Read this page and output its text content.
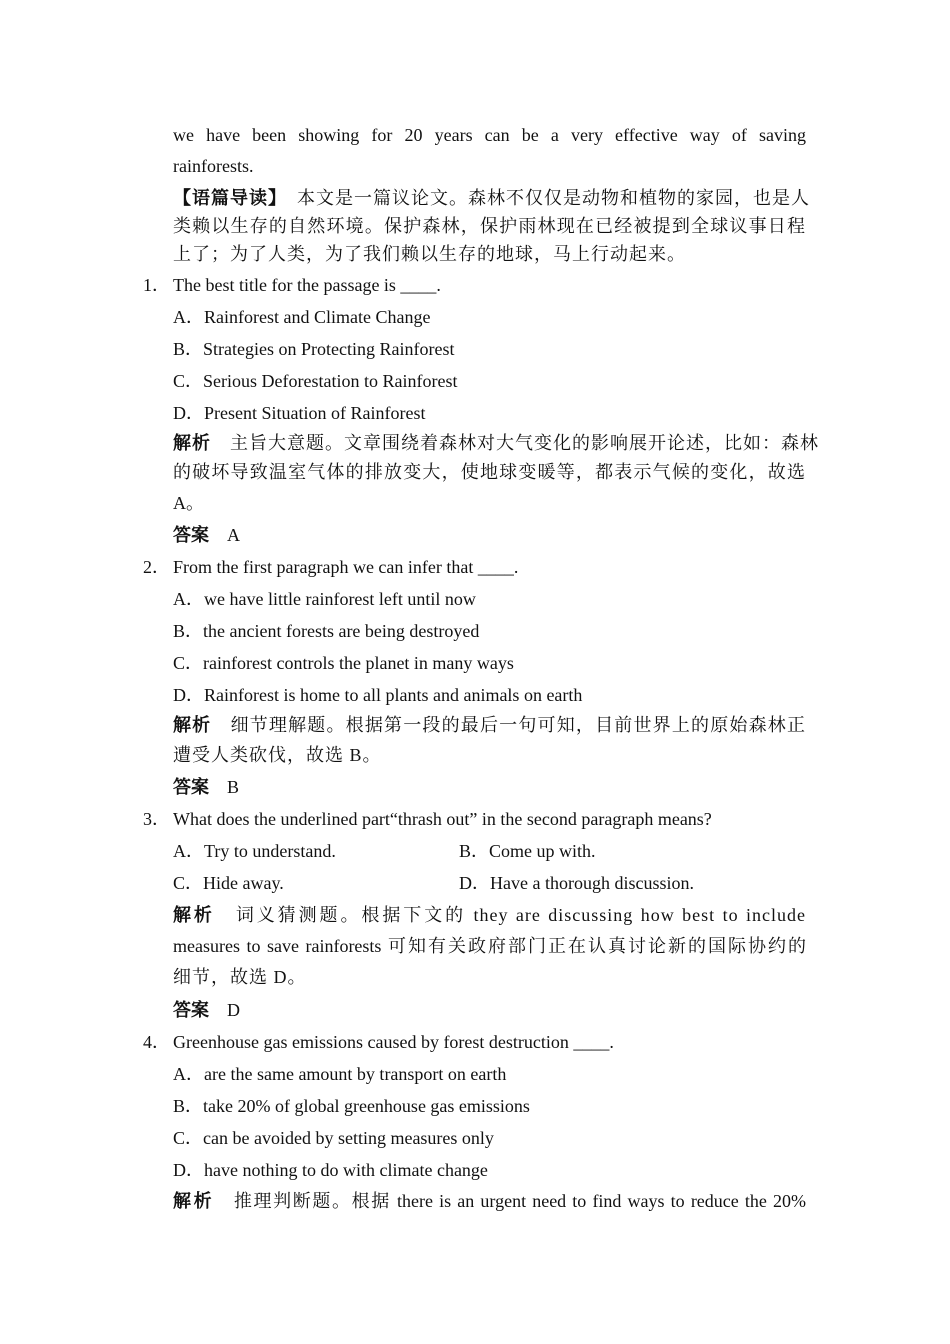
we have been showing for 20 years can be a very effective way of saving
rainforests.
【语篇导读】　 本文是一篇议论文。森林不仅仅是动物和植物的家园，也是人
类赖以生存的自然环境。保护森林，保护雨林现在已经被提到全球议事日程
上了；为了人类，为了我们赖以生存的地球，马上行动起来。
1． The best title for the passage is ____.
A．Rainforest and Climate Change
B．Strategies on Protecting Rainforest
C．Serious Deforestation to Rainforest
D．Present Situation of Rainforest
解析　 主旨大意题。文章围绕着森林对大气变化的影响展开论述，比如：森林
的破坏导致温室气体的排放变大，使地球变暖等，都表示气候的变化，故选
A。
答案　 A
2． From the first paragraph we can infer that ____.
A．we have little rainforest left until now
B．the ancient forests are being destroyed
C．rainforest controls the planet in many ways
D．Rainforest is home to all plants and animals on earth
解析　 细节理解题。根据第一段的最后一句可知，目前世界上的原始森林正
遭受人类砍伐，故选 B。
答案　 B
3． What does the underlined part“thrash out” in the second paragraph means?
A．Try to understand.	B．Come up with.
C．Hide away.	D．Have a thorough discussion.
解析　 词义猜测题。根据下文的 they are discussing how best to include
measures to save rainforests 可知有关政府部门正在认真讨论新的国际协约的
细节，故选 D。
答案　 D
4． Greenhouse gas emissions caused by forest destruction ____.
A．are the same amount by transport on earth
B．take 20% of global greenhouse gas emissions
C．can be avoided by setting measures only
D．have nothing to do with climate change
解析　 推理判断题。根据 there is an urgent need to find ways to reduce the 20%
